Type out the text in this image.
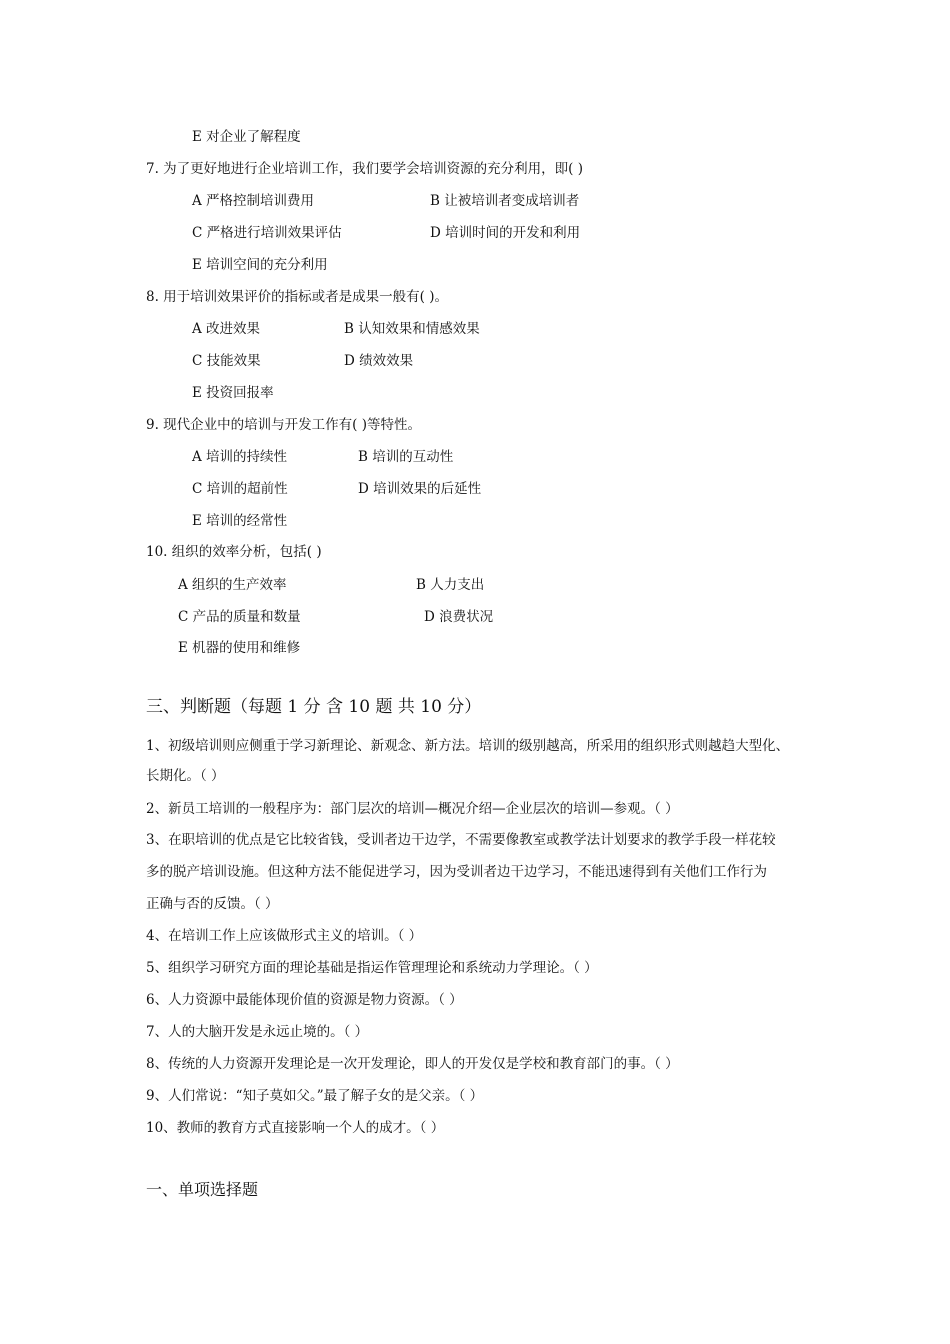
E 对企业了解程度
7. 为了更好地进行企业培训工作，我们要学会培训资源的充分利用，即( )
A 严格控制培训费用	B 让被培训者变成培训者
C 严格进行培训效果评估	D 培训时间的开发和利用
E 培训空间的充分利用
8. 用于培训效果评价的指标或者是成果一般有( )。
A 改进效果	B 认知效果和情感效果
C 技能效果	D 绩效效果
E 投资回报率
9. 现代企业中的培训与开发工作有( )等特性。
A 培训的持续性	B 培训的互动性
C 培训的超前性	D 培训效果的后延性
E 培训的经常性
10. 组织的效率分析，包括( )
A 组织的生产效率	B 人力支出
C 产品的质量和数量	D 浪费状况
E 机器的使用和维修
三、判断题（每题 1 分 含 10 题 共 10 分）
1、初级培训则应侧重于学习新理论、新观念、新方法。培训的级别越高，所采用的组织形式则越趋大型化、
长期化。（ ）
2、新员工培训的一般程序为：部门层次的培训—概况介绍—企业层次的培训—参观。（ ）
3、在职培训的优点是它比较省钱，受训者边干边学，不需要像教室或教学法计划要求的教学手段一样花较
多的脱产培训设施。但这种方法不能促进学习，因为受训者边干边学习，不能迅速得到有关他们工作行为
正确与否的反馈。（ ）
4、在培训工作上应该做形式主义的培训。（ ）
5、组织学习研究方面的理论基础是指运作管理理论和系统动力学理论。（ ）
6、人力资源中最能体现价值的资源是物力资源。（ ）
7、人的大脑开发是永远止境的。（ ）
8、传统的人力资源开发理论是一次开发理论，即人的开发仅是学校和教育部门的事。（ ）
9、人们常说：“知子莫如父。”最了解子女的是父亲。（ ）
10、教师的教育方式直接影响一个人的成才。（ ）
一、单项选择题
